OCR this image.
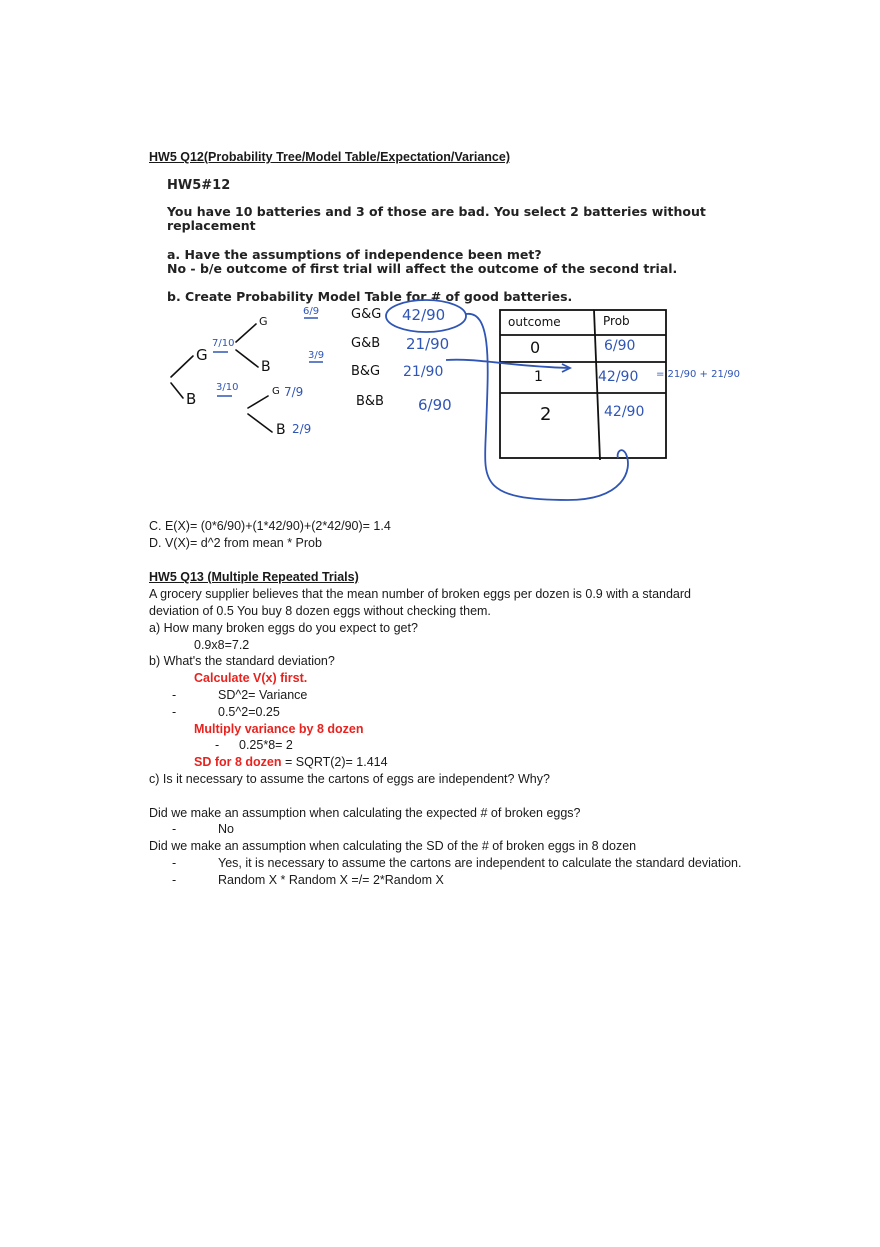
HW5 Q12(Probability Tree/Model Table/Expectation/Variance)
HW5#12
You have 10 batteries and 3 of those are bad. You select 2 batteries without
replacement
a. Have the assumptions of independence been met?
No - b/e outcome of first trial will affect the outcome of the second trial.
b. Create Probability Model Table for # of good batteries.
G
B
7/10
3/10
G
B
6/9
3/9
G 7/9
B 2/9
G&G 42/90
G&B 21/90
B&G 21/90
B&B 6/90
outcome	Prob
0	6/90
1	42/90 = 21/90 + 21/90
2	42/90
C. E(X)= (0*6/90)+(1*42/90)+(2*42/90)= 1.4
D. V(X)= d^2 from mean * Prob
HW5 Q13 (Multiple Repeated Trials)
A grocery supplier believes that the mean number of broken eggs per dozen is 0.9 with a standard
deviation of 0.5 You buy 8 dozen eggs without checking them.
a) How many broken eggs do you expect to get?
0.9x8=7.2
b) What's the standard deviation?
Calculate V(x) first.
-	SD^2= Variance
-	0.5^2=0.25
Multiply variance by 8 dozen
- 0.25*8= 2
SD for 8 dozen = SQRT(2)= 1.414
c) Is it necessary to assume the cartons of eggs are independent? Why?
Did we make an assumption when calculating the expected # of broken eggs?
-	No
Did we make an assumption when calculating the SD of the # of broken eggs in 8 dozen
-	Yes, it is necessary to assume the cartons are independent to calculate the standard deviation.
-	Random X * Random X =/= 2*Random X
